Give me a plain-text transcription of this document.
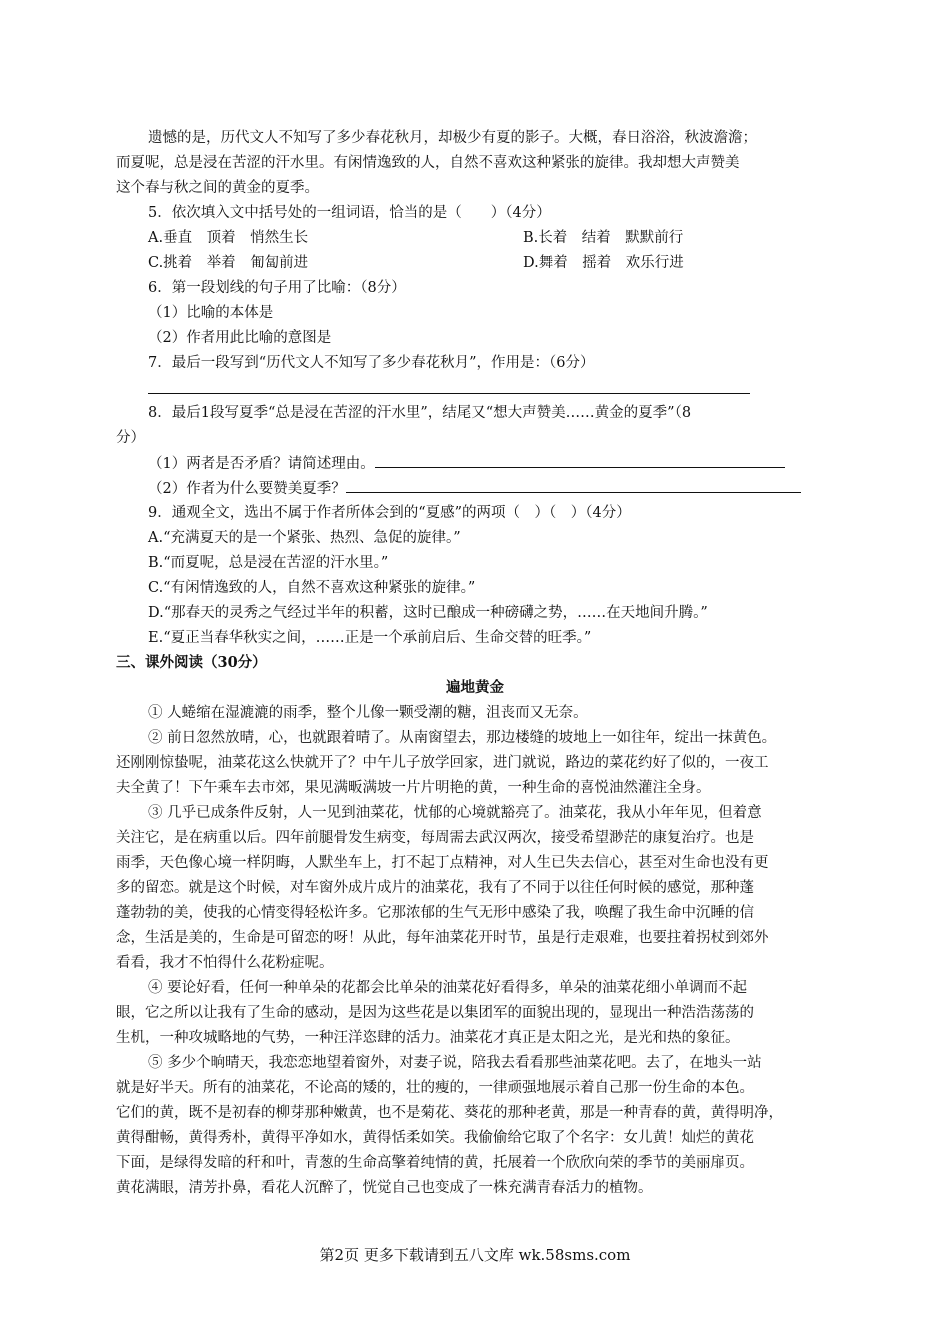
遗憾的是，历代文人不知写了多少春花秋月，却极少有夏的影子。大概，春日浴浴，秋波澹澹；
而夏呢，总是浸在苦涩的汗水里。有闲情逸致的人，自然不喜欢这种紧张的旋律。我却想大声赞美
这个春与秋之间的黄金的夏季。
5．依次填入文中括号处的一组词语，恰当的是（　　）（4分）
A.垂直　顶着　悄然生长	B.长着　结着　默默前行
C.挑着　举着　匍匐前进	D.舞着　摇着　欢乐行进
6．第一段划线的句子用了比喻：（8分）
（1）比喻的本体是
（2）作者用此比喻的意图是
7．最后一段写到“历代文人不知写了多少春花秋月”，作用是：（6分）
8．最后1段写夏季“总是浸在苦涩的汗水里”，结尾又“想大声赞美……黄金的夏季”（8
分）
（1）两者是否矛盾？请简述理由。
（2）作者为什么要赞美夏季？
9．通观全文，选出不属于作者所体会到的“夏感”的两项（　）（　）（4分）
A.“充满夏天的是一个紧张、热烈、急促的旋律。”
B.“而夏呢，总是浸在苦涩的汗水里。”
C.“有闲情逸致的人，自然不喜欢这种紧张的旋律。”
D.“那春天的灵秀之气经过半年的积蓄，这时已酿成一种磅礴之势，……在天地间升腾。”
E.“夏正当春华秋实之间，……正是一个承前启后、生命交替的旺季。”
三、课外阅读（30分）
遍地黄金
① 人蜷缩在湿漉漉的雨季，整个儿像一颗受潮的糖，沮丧而又无奈。
② 前日忽然放晴，心，也就跟着晴了。从南窗望去，那边楼缝的坡地上一如往年，绽出一抹黄色。
还刚刚惊蛰呢，油菜花这么快就开了？中午儿子放学回家，进门就说，路边的菜花约好了似的，一夜工
夫全黄了！下午乘车去市郊，果见满畈满坡一片片明艳的黄，一种生命的喜悦油然灌注全身。
③ 几乎已成条件反射，人一见到油菜花，忧郁的心境就豁亮了。油菜花，我从小年年见，但着意
关注它，是在病重以后。四年前腿骨发生病变，每周需去武汉两次，接受希望渺茫的康复治疗。也是
雨季，天色像心境一样阴晦，人默坐车上，打不起丁点精神，对人生已失去信心，甚至对生命也没有更
多的留恋。就是这个时候，对车窗外成片成片的油菜花，我有了不同于以往任何时候的感觉，那种蓬
蓬勃勃的美，使我的心情变得轻松许多。它那浓郁的生气无形中感染了我，唤醒了我生命中沉睡的信
念，生活是美的，生命是可留恋的呀！从此，每年油菜花开时节，虽是行走艰难，也要拄着拐杖到郊外
看看，我才不怕得什么花粉症呢。
④ 要论好看，任何一种单朵的花都会比单朵的油菜花好看得多，单朵的油菜花细小单调而不起
眼，它之所以让我有了生命的感动，是因为这些花是以集团军的面貌出现的，显现出一种浩浩荡荡的
生机，一种攻城略地的气势，一种汪洋恣肆的活力。油菜花才真正是太阳之光，是光和热的象征。
⑤ 多少个晌晴天，我恋恋地望着窗外，对妻子说，陪我去看看那些油菜花吧。去了，在地头一站
就是好半天。所有的油菜花，不论高的矮的，壮的瘦的，一律顽强地展示着自己那一份生命的本色。
它们的黄，既不是初春的柳芽那种嫩黄，也不是菊花、葵花的那种老黄，那是一种青春的黄，黄得明净，
黄得酣畅，黄得秀朴，黄得平净如水，黄得恬柔如笑。我偷偷给它取了个名字：女儿黄！灿烂的黄花
下面，是绿得发暗的秆和叶，青葱的生命高擎着纯情的黄，托展着一个欣欣向荣的季节的美丽扉页。
黄花满眼，清芳扑鼻，看花人沉醉了，恍觉自己也变成了一株充满青春活力的植物。
第2页 更多下载请到五八文库 wk.58sms.com
